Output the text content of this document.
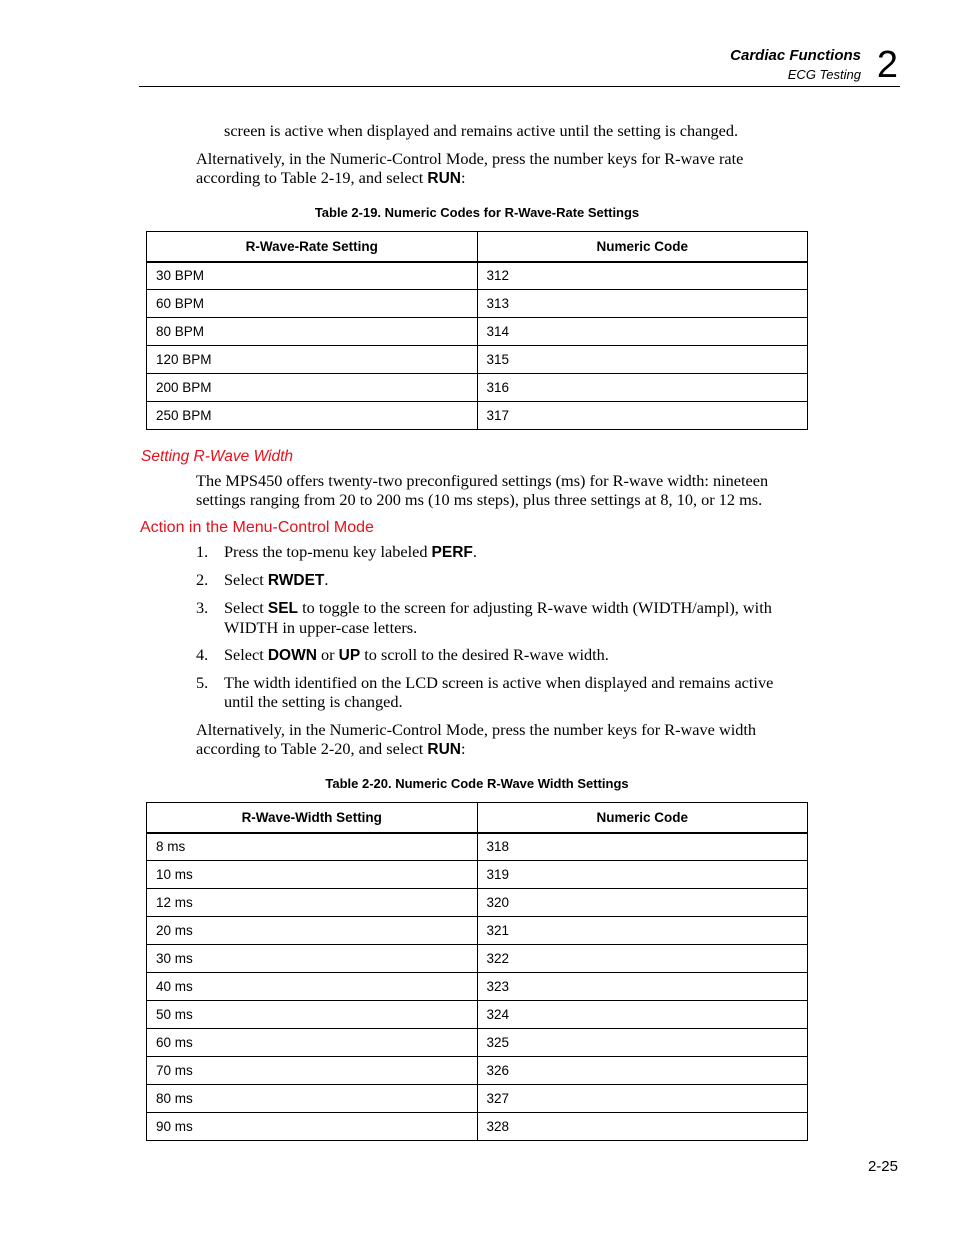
Cardiac Functions
ECG Testing 2
screen is active when displayed and remains active until the setting is changed.
Alternatively, in the Numeric-Control Mode, press the number keys for R-wave rate
according to Table 2-19, and select RUN:
Table 2-19. Numeric Codes for R-Wave-Rate Settings
R-Wave-Rate Setting	Numeric Code
30 BPM	312
60 BPM	313
80 BPM	314
120 BPM	315
200 BPM	316
250 BPM	317
Setting R-Wave Width
The MPS450 offers twenty-two preconfigured settings (ms) for R-wave width: nineteen
settings ranging from 20 to 200 ms (10 ms steps), plus three settings at 8, 10, or 12 ms.
Action in the Menu-Control Mode
1. Press the top-menu key labeled PERF.
2. Select RWDET.
3. Select SEL to toggle to the screen for adjusting R-wave width (WIDTH/ampl), with
WIDTH in upper-case letters.
4. Select DOWN or UP to scroll to the desired R-wave width.
5. The width identified on the LCD screen is active when displayed and remains active
until the setting is changed.
Alternatively, in the Numeric-Control Mode, press the number keys for R-wave width
according to Table 2-20, and select RUN:
Table 2-20. Numeric Code R-Wave Width Settings
R-Wave-Width Setting	Numeric Code
8 ms	318
10 ms	319
12 ms	320
20 ms	321
30 ms	322
40 ms	323
50 ms	324
60 ms	325
70 ms	326
80 ms	327
90 ms	328
2-25
